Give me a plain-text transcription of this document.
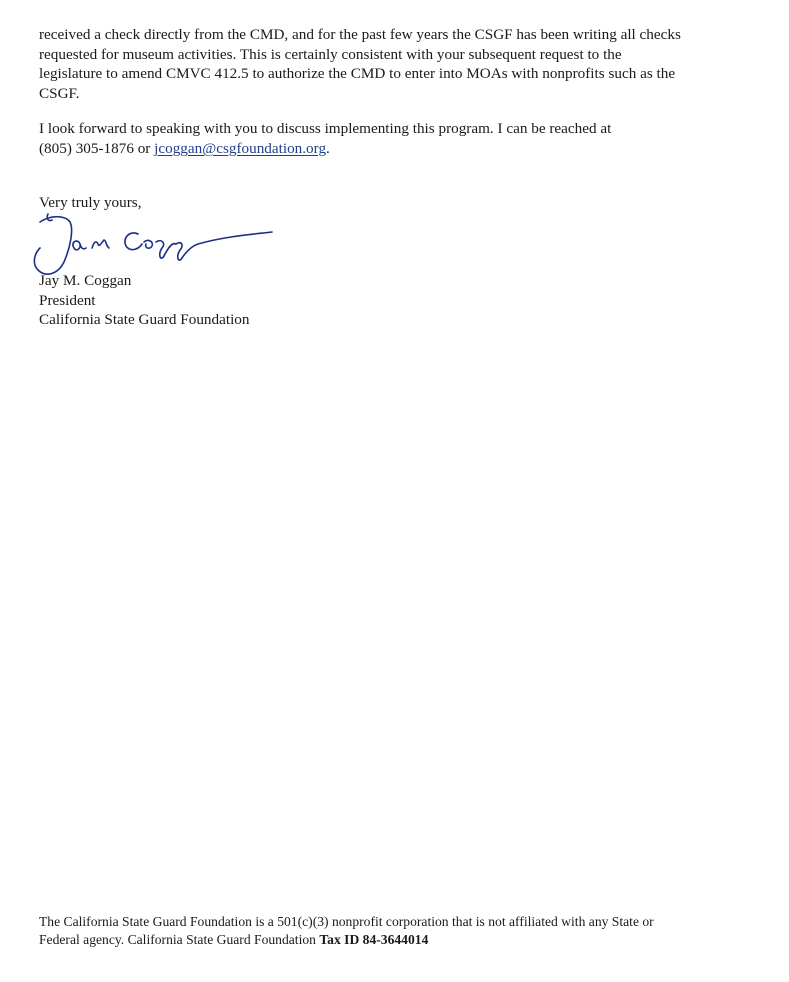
received a check directly from the CMD, and for the past few years the CSGF has been writing all checks
requested for museum activities. This is certainly consistent with your subsequent request to the
legislature to amend CMVC 412.5 to authorize the CMD to enter into MOAs with nonprofits such as the
CSGF.

I look forward to speaking with you to discuss implementing this program. I can be reached at
(805) 305-1876 or jcoggan@csgfoundation.org.

Very truly yours,
Jay M. Coggan
President
California State Guard Foundation
The California State Guard Foundation is a 501(c)(3) nonprofit corporation that is not affiliated with any State or
Federal agency. California State Guard Foundation Tax ID 84-3644014
